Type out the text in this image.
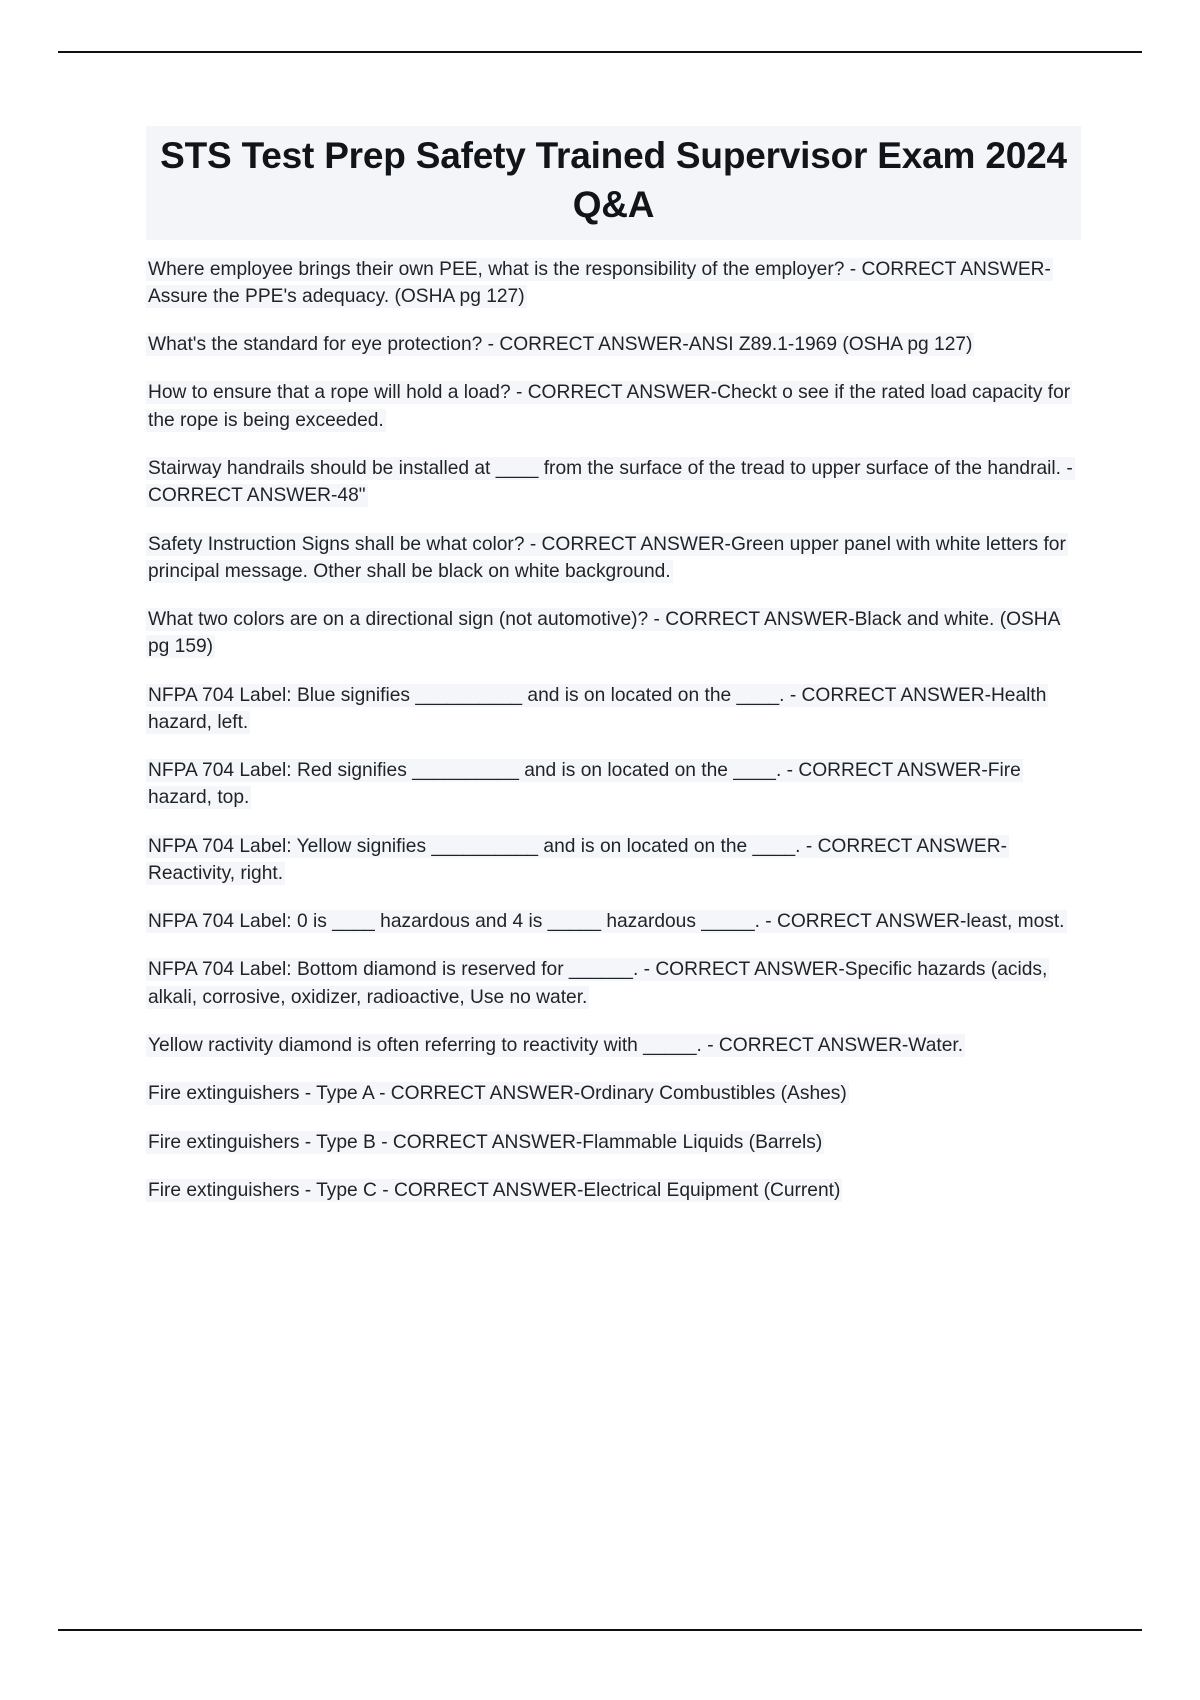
STS Test Prep Safety Trained Supervisor Exam 2024 Q&A
Where employee brings their own PEE, what is the responsibility of the employer? - CORRECT ANSWER-Assure the PPE's adequacy. (OSHA pg 127)
What's the standard for eye protection? - CORRECT ANSWER-ANSI Z89.1-1969 (OSHA pg 127)
How to ensure that a rope will hold a load? - CORRECT ANSWER-Checkt o see if the rated load capacity for the rope is being exceeded.
Stairway handrails should be installed at ____ from the surface of the tread to upper surface of the handrail. - CORRECT ANSWER-48"
Safety Instruction Signs shall be what color? - CORRECT ANSWER-Green upper panel with white letters for principal message. Other shall be black on white background.
What two colors are on a directional sign (not automotive)? - CORRECT ANSWER-Black and white. (OSHA pg 159)
NFPA 704 Label: Blue signifies __________ and is on located on the ____. - CORRECT ANSWER-Health hazard, left.
NFPA 704 Label: Red signifies __________ and is on located on the ____. - CORRECT ANSWER-Fire hazard, top.
NFPA 704 Label: Yellow signifies __________ and is on located on the ____. - CORRECT ANSWER-Reactivity, right.
NFPA 704 Label: 0 is ____ hazardous and 4 is _____ hazardous _____. - CORRECT ANSWER-least, most.
NFPA 704 Label: Bottom diamond is reserved for ______. - CORRECT ANSWER-Specific hazards (acids, alkali, corrosive, oxidizer, radioactive, Use no water.
Yellow ractivity diamond is often referring to reactivity with _____. - CORRECT ANSWER-Water.
Fire extinguishers - Type A - CORRECT ANSWER-Ordinary Combustibles (Ashes)
Fire extinguishers - Type B - CORRECT ANSWER-Flammable Liquids (Barrels)
Fire extinguishers - Type C - CORRECT ANSWER-Electrical Equipment (Current)
